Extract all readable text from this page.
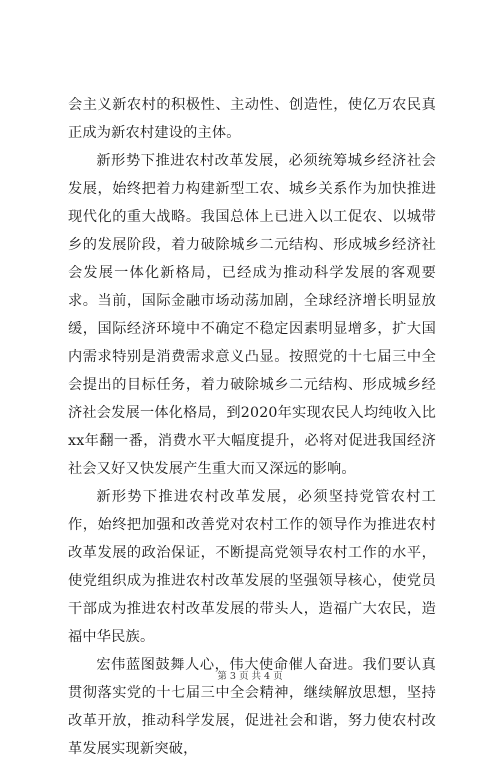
会主义新农村的积极性、主动性、创造性，使亿万农民真正成为新农村建设的主体。

新形势下推进农村改革发展，必须统筹城乡经济社会发展，始终把着力构建新型工农、城乡关系作为加快推进现代化的重大战略。我国总体上已进入以工促农、以城带乡的发展阶段，着力破除城乡二元结构、形成城乡经济社会发展一体化新格局，已经成为推动科学发展的客观要求。当前，国际金融市场动荡加剧，全球经济增长明显放缓，国际经济环境中不确定不稳定因素明显增多，扩大国内需求特别是消费需求意义凸显。按照党的十七届三中全会提出的目标任务，着力破除城乡二元结构、形成城乡经济社会发展一体化格局，到2020年实现农民人均纯收入比xx年翻一番，消费水平大幅度提升，必将对促进我国经济社会又好又快发展产生重大而又深远的影响。

新形势下推进农村改革发展，必须坚持党管农村工作，始终把加强和改善党对农村工作的领导作为推进农村改革发展的政治保证，不断提高党领导农村工作的水平，使党组织成为推进农村改革发展的坚强领导核心，使党员干部成为推进农村改革发展的带头人，造福广大农民，造福中华民族。

宏伟蓝图鼓舞人心，伟大使命催人奋进。我们要认真贯彻落实党的十七届三中全会精神，继续解放思想，坚持改革开放，推动科学发展，促进社会和谐，努力使农村改革发展实现新突破，

第 3 页 共 4 页
